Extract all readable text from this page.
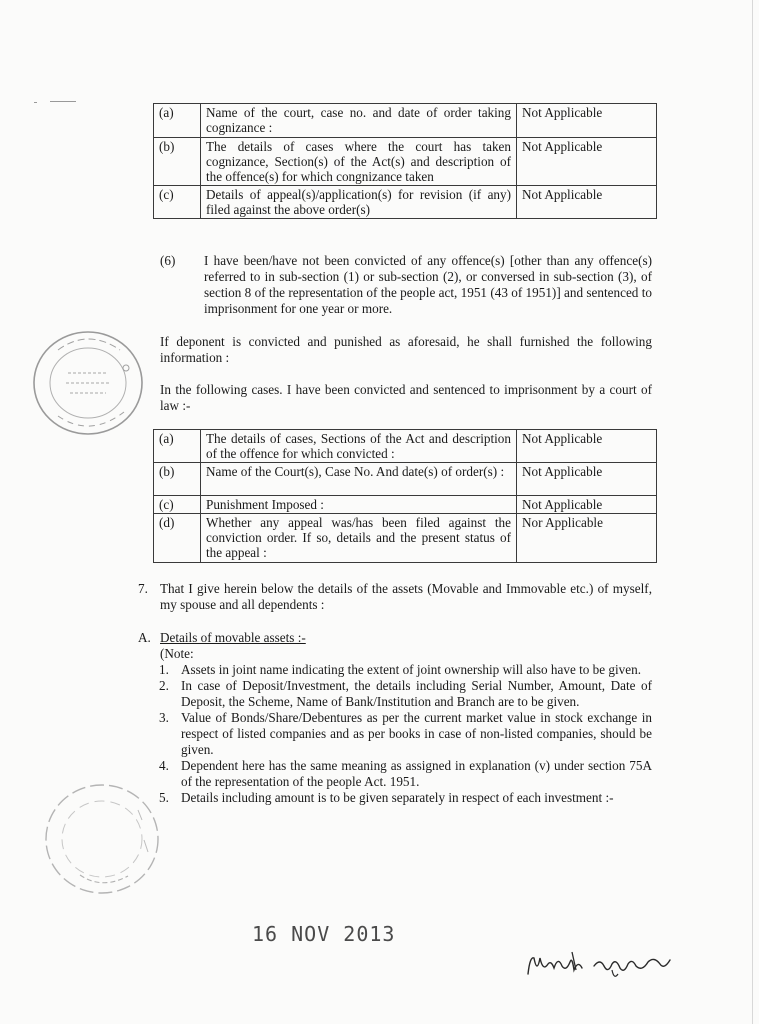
(a)	Name of the court, case no. and date of order taking cognizance :	Not Applicable
(b)	The details of cases where the court has taken cognizance, Section(s) of the Act(s) and description of the offence(s) for which congnizance taken	Not Applicable
(c)	Details of appeal(s)/application(s) for revision (if any) filed against the above order(s)	Not Applicable
(6) I have been/have not been convicted of any offence(s) [other than any offence(s) referred to in sub-section (1) or sub-section (2), or conversed in sub-section (3), of section 8 of the representation of the people act, 1951 (43 of 1951)] and sentenced to imprisonment for one year or more.
If deponent is convicted and punished as aforesaid, he shall furnished the following information :
In the following cases. I have been convicted and sentenced to imprisonment by a court of law :-
(a)	The details of cases, Sections of the Act and description of the offence for which convicted :	Not Applicable
(b)	Name of the Court(s), Case No. And date(s) of order(s) :	Not Applicable
(c)	Punishment Imposed :	Not Applicable
(d)	Whether any appeal was/has been filed against the conviction order. If so, details and the present status of the appeal :	Nor Applicable
7. That I give herein below the details of the assets (Movable and Immovable etc.) of myself, my spouse and all dependents :
A. Details of movable assets :-
(Note:
1. Assets in joint name indicating the extent of joint ownership will also have to be given.
2. In case of Deposit/Investment, the details including Serial Number, Amount, Date of Deposit, the Scheme, Name of Bank/Institution and Branch are to be given.
3. Value of Bonds/Share/Debentures as per the current market value in stock exchange in respect of listed companies and as per books in case of non-listed companies, should be given.
4. Dependent here has the same meaning as assigned in explanation (v) under section 75A of the representation of the people Act. 1951.
5. Details including amount is to be given separately in respect of each investment :-
16 NOV 2013
